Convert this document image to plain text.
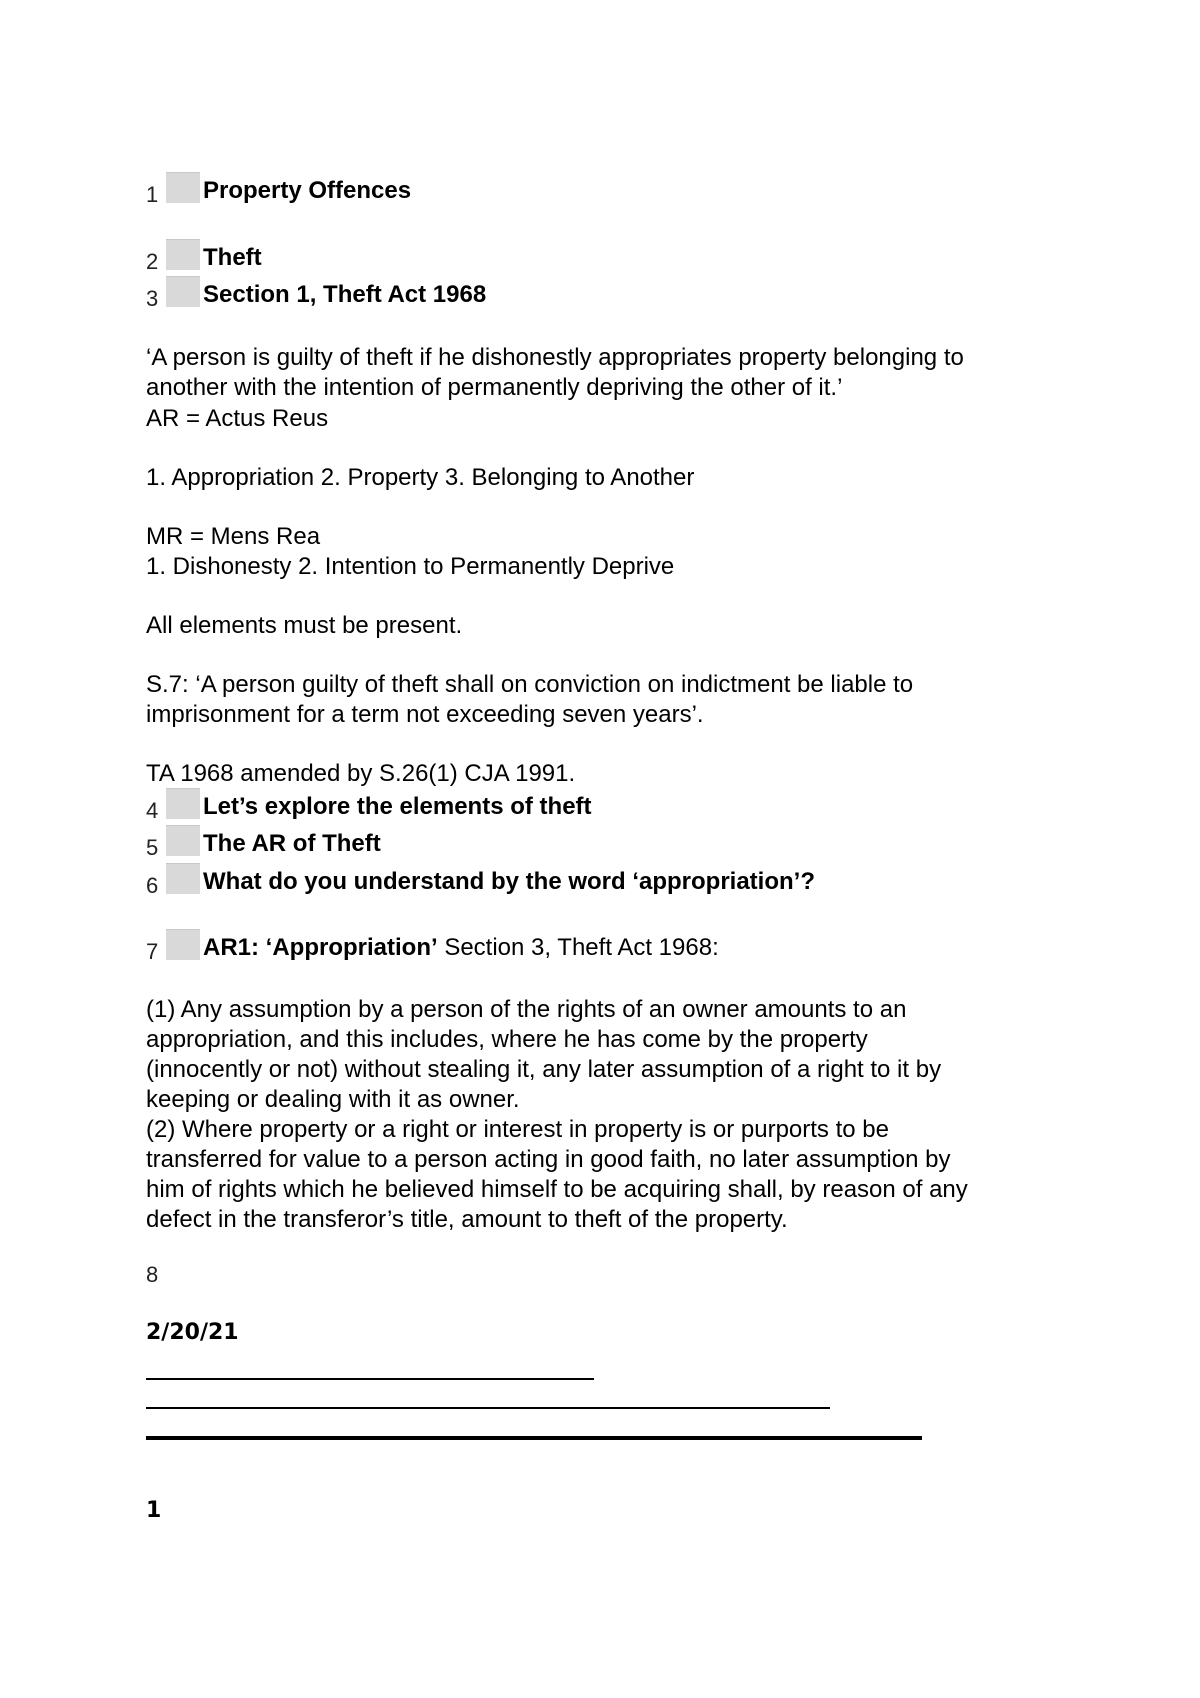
1 Property Offences
2 Theft
3 Section 1, Theft Act 1968
‘A person is guilty of theft if he dishonestly appropriates property belonging to
another with the intention of permanently depriving the other of it.’
AR = Actus Reus
1. Appropriation 2. Property 3. Belonging to Another
MR = Mens Rea
1. Dishonesty 2. Intention to Permanently Deprive
All elements must be present.
S.7: ‘A person guilty of theft shall on conviction on indictment be liable to
imprisonment for a term not exceeding seven years’.
TA 1968 amended by S.26(1) CJA 1991.
4 Let’s explore the elements of theft
5 The AR of Theft
6 What do you understand by the word ‘appropriation’?
7 AR1: ‘Appropriation’ Section 3, Theft Act 1968:
(1) Any assumption by a person of the rights of an owner amounts to an
appropriation, and this includes, where he has come by the property
(innocently or not) without stealing it, any later assumption of a right to it by
keeping or dealing with it as owner.
(2) Where property or a right or interest in property is or purports to be
transferred for value to a person acting in good faith, no later assumption by
him of rights which he believed himself to be acquiring shall, by reason of any
defect in the transferor’s title, amount to theft of the property.
8
2/20/21
1
